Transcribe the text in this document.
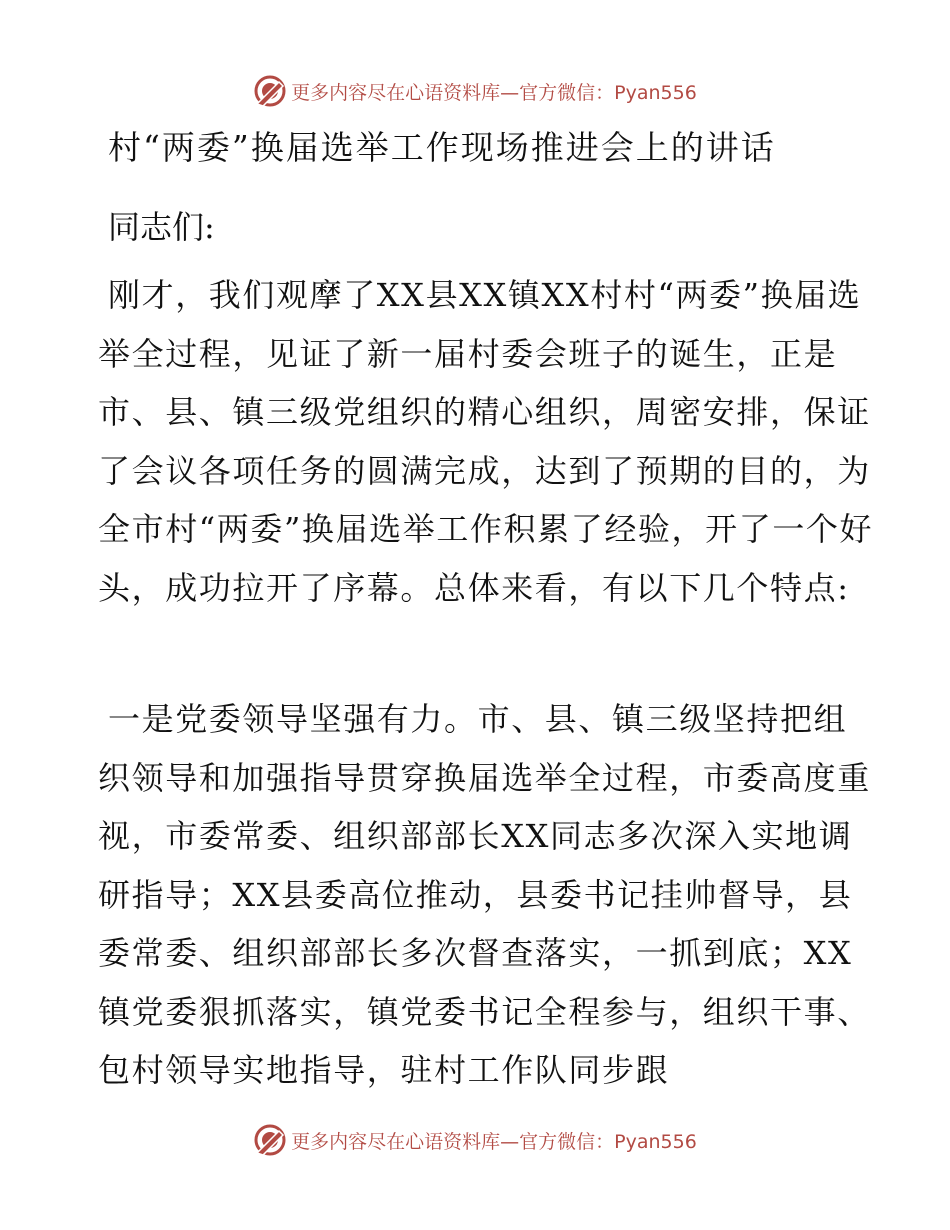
更多内容尽在心语资料库—官方微信：Pyan556
村“两委”换届选举工作现场推进会上的讲话
同志们:

刚才，我们观摩了XX县XX镇XX村村“两委”换届选举全过程，见证了新一届村委会班子的诞生，正是市、县、镇三级党组织的精心组织，周密安排，保证了会议各项任务的圆满完成，达到了预期的目的，为全市村“两委”换届选举工作积累了经验，开了一个好头，成功拉开了序幕。总体来看，有以下几个特点:

一是党委领导坚强有力。市、县、镇三级坚持把组织领导和加强指导贯穿换届选举全过程，市委高度重视，市委常委、组织部部长XX同志多次深入实地调研指导；XX县委高位推动，县委书记挂帅督导，县委常委、组织部部长多次督查落实，一抓到底；XX镇党委狠抓落实，镇党委书记全程参与，组织干事、包村领导实地指导，驻村工作队同步跟

更多内容尽在心语资料库—官方微信：Pyan556
